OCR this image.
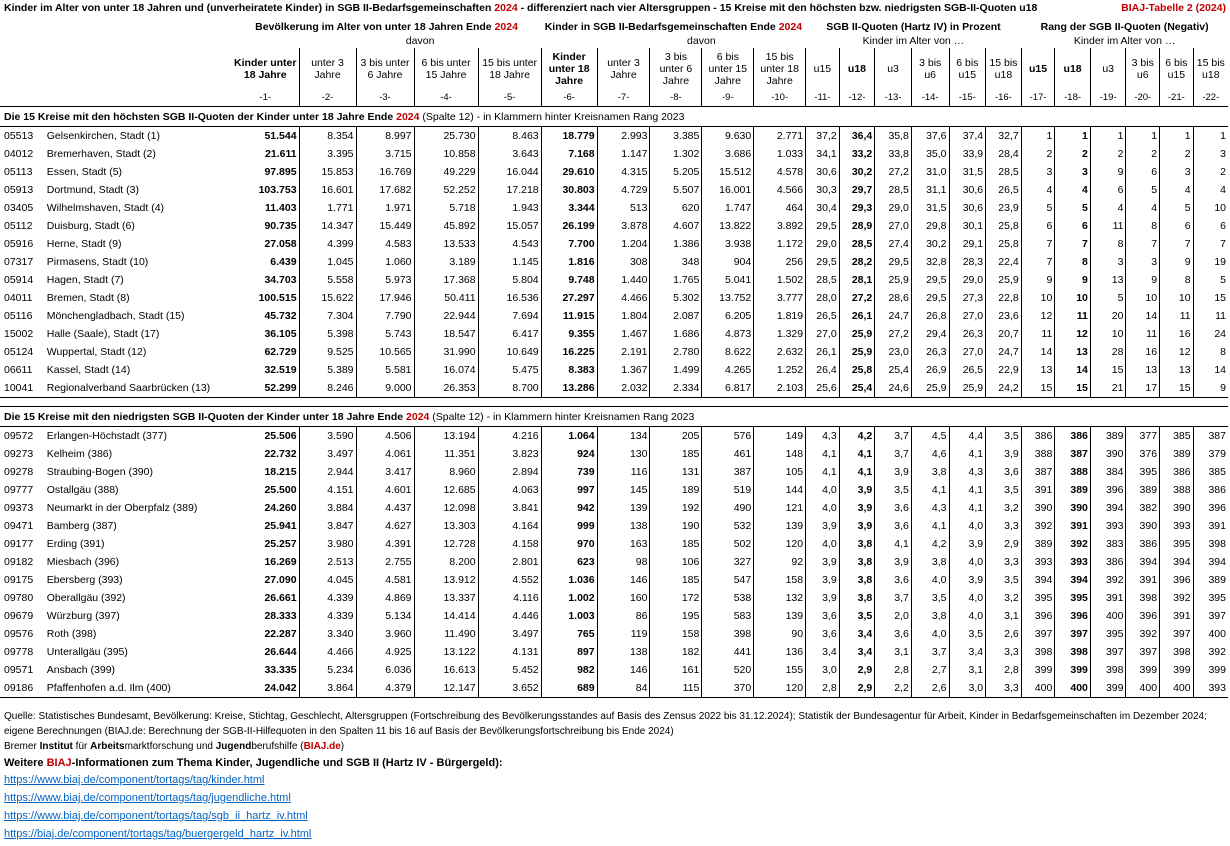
Kinder im Alter von unter 18 Jahren und (unverheiratete Kinder) in SGB II-Bedarfsgemeinschaften 2024 - differenziert nach vier Altersgruppen - 15 Kreise mit den höchsten bzw. niedrigsten SGB-II-Quoten u18	BIAJ-Tabelle 2 (2024)
		Bevölkerung im Alter von unter 18 Jahren Ende 2024					Kinder in SGB II-Bedarfsgemeinschaften Ende 2024					SGB II-Quoten (Hartz IV) in Prozent						Rang der SGB II-Quoten (Negativ)					
			davon					davon				Kinder im Alter von …						Kinder im Alter von …					
		Kinder unter 18 Jahre	unter 3 Jahre	3 bis unter 6 Jahre	6 bis unter 15 Jahre	15 bis unter 18 Jahre	Kinder unter 18 Jahre	unter 3 Jahre	3 bis unter 6 Jahre	6 bis unter 15 Jahre	15 bis unter 18 Jahre	u15	u18	u3	3 bis u6	6 bis u15	15 bis u18	u15	u18	u3	3 bis u6	6 bis u15	15 bis u18
		-1-	-2-	-3-	-4-	-5-	-6-	-7-	-8-	-9-	-10-	-11-	-12-	-13-	-14-	-15-	-16-	-17-	-18-	-19-	-20-	-21-	-22-
Die 15 Kreise mit den höchsten SGB II-Quoten der Kinder unter 18 Jahre Ende 2024 (Spalte 12) - in Klammern hinter Kreisnamen Rang 2023																							
05513	Gelsenkirchen, Stadt (1)	51.544	8.354	8.997	25.730	8.463	18.779	2.993	3.385	9.630	2.771	37,2	36,4	35,8	37,6	37,4	32,7	1	1	1	1	1	1
04012	Bremerhaven, Stadt (2)	21.611	3.395	3.715	10.858	3.643	7.168	1.147	1.302	3.686	1.033	34,1	33,2	33,8	35,0	33,9	28,4	2	2	2	2	2	3
05113	Essen, Stadt (5)	97.895	15.853	16.769	49.229	16.044	29.610	4.315	5.205	15.512	4.578	30,6	30,2	27,2	31,0	31,5	28,5	3	3	9	6	3	2
05913	Dortmund, Stadt (3)	103.753	16.601	17.682	52.252	17.218	30.803	4.729	5.507	16.001	4.566	30,3	29,7	28,5	31,1	30,6	26,5	4	4	6	5	4	4
03405	Wilhelmshaven, Stadt (4)	11.403	1.771	1.971	5.718	1.943	3.344	513	620	1.747	464	30,4	29,3	29,0	31,5	30,6	23,9	5	5	4	4	5	10
05112	Duisburg, Stadt (6)	90.735	14.347	15.449	45.892	15.057	26.199	3.878	4.607	13.822	3.892	29,5	28,9	27,0	29,8	30,1	25,8	6	6	11	8	6	6
05916	Herne, Stadt (9)	27.058	4.399	4.583	13.533	4.543	7.700	1.204	1.386	3.938	1.172	29,0	28,5	27,4	30,2	29,1	25,8	7	7	8	7	7	7
07317	Pirmasens, Stadt (10)	6.439	1.045	1.060	3.189	1.145	1.816	308	348	904	256	29,5	28,2	29,5	32,8	28,3	22,4	7	8	3	3	9	19
05914	Hagen, Stadt (7)	34.703	5.558	5.973	17.368	5.804	9.748	1.440	1.765	5.041	1.502	28,5	28,1	25,9	29,5	29,0	25,9	9	9	13	9	8	5
04011	Bremen, Stadt (8)	100.515	15.622	17.946	50.411	16.536	27.297	4.466	5.302	13.752	3.777	28,0	27,2	28,6	29,5	27,3	22,8	10	10	5	10	10	15
05116	Mönchengladbach, Stadt (15)	45.732	7.304	7.790	22.944	7.694	11.915	1.804	2.087	6.205	1.819	26,5	26,1	24,7	26,8	27,0	23,6	12	11	20	14	11	11
15002	Halle (Saale), Stadt (17)	36.105	5.398	5.743	18.547	6.417	9.355	1.467	1.686	4.873	1.329	27,0	25,9	27,2	29,4	26,3	20,7	11	12	10	11	16	24
05124	Wuppertal, Stadt (12)	62.729	9.525	10.565	31.990	10.649	16.225	2.191	2.780	8.622	2.632	26,1	25,9	23,0	26,3	27,0	24,7	14	13	28	16	12	8
06611	Kassel, Stadt (14)	32.519	5.389	5.581	16.074	5.475	8.383	1.367	1.499	4.265	1.252	26,4	25,8	25,4	26,9	26,5	22,9	13	14	15	13	13	14
10041	Regionalverband Saarbrücken (13)	52.299	8.246	9.000	26.353	8.700	13.286	2.032	2.334	6.817	2.103	25,6	25,4	24,6	25,9	25,9	24,2	15	15	21	17	15	9

Die 15 Kreise mit den niedrigsten SGB II-Quoten der Kinder unter 18 Jahre Ende 2024 (Spalte 12) - in Klammern hinter Kreisnamen Rang 2023																							
09572	Erlangen-Höchstadt (377)	25.506	3.590	4.506	13.194	4.216	1.064	134	205	576	149	4,3	4,2	3,7	4,5	4,4	3,5	386	386	389	377	385	387
09273	Kelheim (386)	22.732	3.497	4.061	11.351	3.823	924	130	185	461	148	4,1	4,1	3,7	4,6	4,1	3,9	388	387	390	376	389	379
09278	Straubing-Bogen (390)	18.215	2.944	3.417	8.960	2.894	739	116	131	387	105	4,1	4,1	3,9	3,8	4,3	3,6	387	388	384	395	386	385
09777	Ostallgäu (388)	25.500	4.151	4.601	12.685	4.063	997	145	189	519	144	4,0	3,9	3,5	4,1	4,1	3,5	391	389	396	389	388	386
09373	Neumarkt in der Oberpfalz (389)	24.260	3.884	4.437	12.098	3.841	942	139	192	490	121	4,0	3,9	3,6	4,3	4,1	3,2	390	390	394	382	390	396
09471	Bamberg (387)	25.941	3.847	4.627	13.303	4.164	999	138	190	532	139	3,9	3,9	3,6	4,1	4,0	3,3	392	391	393	390	393	391
09177	Erding (391)	25.257	3.980	4.391	12.728	4.158	970	163	185	502	120	4,0	3,8	4,1	4,2	3,9	2,9	389	392	383	386	395	398
09182	Miesbach (396)	16.269	2.513	2.755	8.200	2.801	623	98	106	327	92	3,9	3,8	3,9	3,8	4,0	3,3	393	393	386	394	394	394
09175	Ebersberg (393)	27.090	4.045	4.581	13.912	4.552	1.036	146	185	547	158	3,9	3,8	3,6	4,0	3,9	3,5	394	394	392	391	396	389
09780	Oberallgäu (392)	26.661	4.339	4.869	13.337	4.116	1.002	160	172	538	132	3,9	3,8	3,7	3,5	4,0	3,2	395	395	391	398	392	395
09679	Würzburg (397)	28.333	4.339	5.134	14.414	4.446	1.003	86	195	583	139	3,6	3,5	2,0	3,8	4,0	3,1	396	396	400	396	391	397
09576	Roth (398)	22.287	3.340	3.960	11.490	3.497	765	119	158	398	90	3,6	3,4	3,6	4,0	3,5	2,6	397	397	395	392	397	400
09778	Unterallgäu (395)	26.644	4.466	4.925	13.122	4.131	897	138	182	441	136	3,4	3,4	3,1	3,7	3,4	3,3	398	398	397	397	398	392
09571	Ansbach (399)	33.335	5.234	6.036	16.613	5.452	982	146	161	520	155	3,0	2,9	2,8	2,7	3,1	2,8	399	399	398	399	399	399
09186	Pfaffenhofen a.d. Ilm (400)	24.042	3.864	4.379	12.147	3.652	689	84	115	370	120	2,8	2,9	2,2	2,6	3,0	3,3	400	400	399	400	400	393
Quelle: Statistisches Bundesamt, Bevölkerung: Kreise, Stichtag, Geschlecht, Altersgruppen (Fortschreibung des Bevölkerungsstandes auf Basis des Zensus 2022 bis 31.12.2024); Statistik der Bundesagentur für Arbeit, Kinder in Bedarfsgemeinschaften im Dezember 2024; eigene Berechnungen (BIAJ.de: Berechnung der SGB-II-Hilfequoten in den Spalten 11 bis 16 auf Basis der Bevölkerungsfortschreibung bis Ende 2024)
Bremer Institut für Arbeitsmarktforschung und Jugendberufshilfe (BIAJ.de)
Weitere BIAJ-Informationen zum Thema Kinder, Jugendliche und SGB II (Hartz IV - Bürgergeld):
https://www.biaj.de/component/tortags/tag/kinder.html
https://www.biaj.de/component/tortags/tag/jugendliche.html
https://www.biaj.de/component/tortags/tag/sgb_ii_hartz_iv.html
https://biaj.de/component/tortags/tag/buergergeld_hartz_iv.html
